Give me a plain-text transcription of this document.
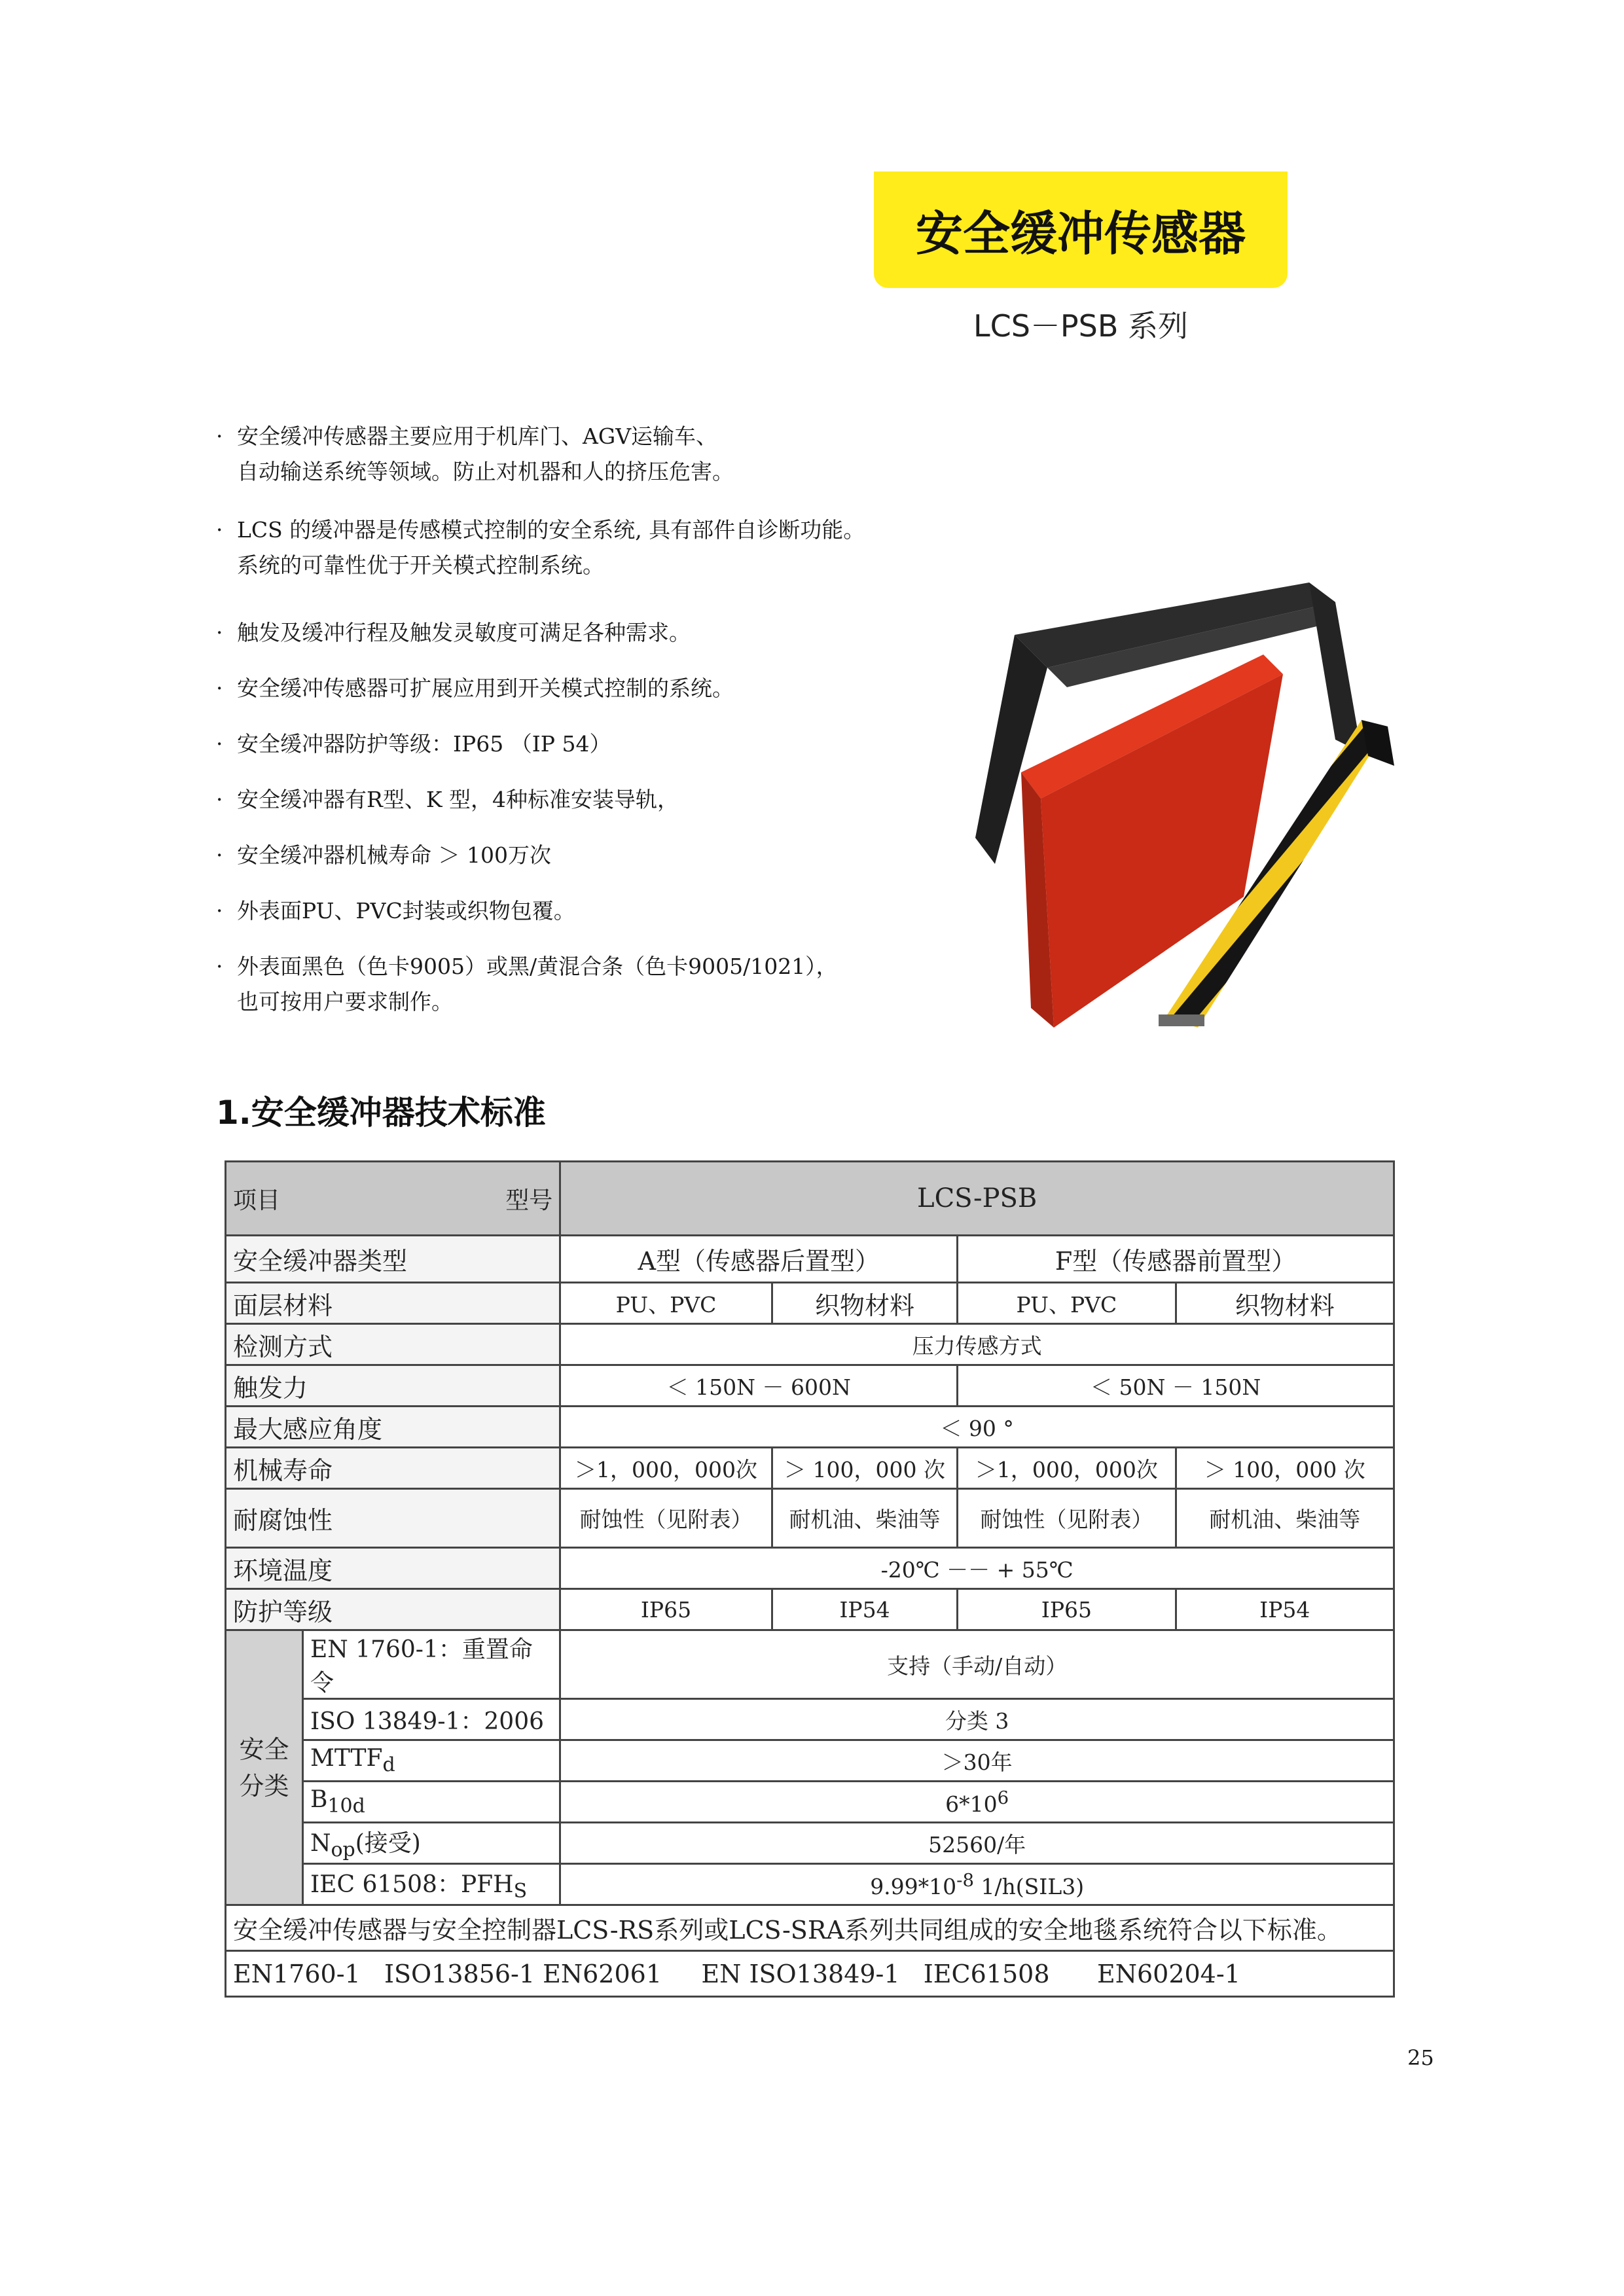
安全缓冲传感器
LCS－PSB 系列
· 安全缓冲传感器主要应用于机库门、AGV运输车、
自动输送系统等领域。防止对机器和人的挤压危害。
· LCS 的缓冲器是传感模式控制的安全系统, 具有部件自诊断功能。
系统的可靠性优于开关模式控制系统。
· 触发及缓冲行程及触发灵敏度可满足各种需求。
· 安全缓冲传感器可扩展应用到开关模式控制的系统。
· 安全缓冲器防护等级：IP65 （IP 54）
· 安全缓冲器有R型、K 型，4种标准安装导轨，
· 安全缓冲器机械寿命 ＞ 100万次
· 外表面PU、PVC封装或织物包覆。
· 外表面黑色（色卡9005）或黑/黄混合条（色卡9005/1021），
也可按用户要求制作。
1.安全缓冲器技术标准
项目 型号		LCS-PSB			
安全缓冲器类型		A型（传感器后置型）		F型（传感器前置型）	
面层材料		PU、PVC	织物材料	PU、PVC	织物材料
检测方式		压力传感方式			
触发力		＜ 150N － 600N		＜ 50N － 150N	
最大感应角度		＜ 90 °			
机械寿命		＞1，000，000次	＞ 100，000 次	＞1，000，000次	＞ 100，000 次
耐腐蚀性		耐蚀性（见附表）	耐机油、柴油等	耐蚀性（见附表）	耐机油、柴油等
环境温度		-20℃ －－ + 55℃			
防护等级		IP65	IP54	IP65	IP54
安全分类	EN 1760-1：重置命令	支持（手动/自动）			
	ISO 13849-1：2006	分类 3			
	$MTTF_d$	＞30年			
	$B_{10d}$	$6*10^6$
	$N_{op}$(接受)	52560/年			
	IEC 61508：$PFH_S$	$9.99*10^{-8}$ 1/h(SIL3)			
安全缓冲传感器与安全控制器LCS-RS系列或LCS-SRA系列共同组成的安全地毯系统符合以下标准。					
EN1760-1   ISO13856-1 EN62061     EN ISO13849-1   IEC61508      EN60204-1					
25
